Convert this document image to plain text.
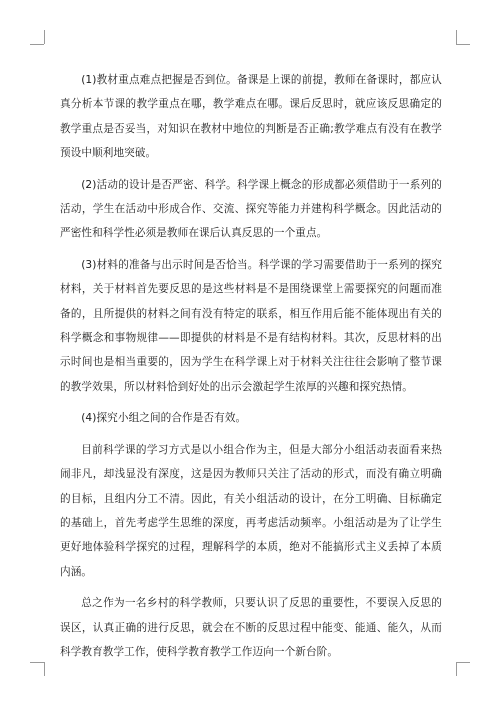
(1)教材重点难点把握是否到位。备课是上课的前提，教师在备课时，都应认真分析本节课的教学重点在哪，教学难点在哪。课后反思时，就应该反思确定的教学重点是否妥当，对知识在教材中地位的判断是否正确;教学难点有没有在教学预设中顺利地突破。

(2)活动的设计是否严密、科学。科学课上概念的形成都必须借助于一系列的活动，学生在活动中形成合作、交流、探究等能力并建构科学概念。因此活动的严密性和科学性必须是教师在课后认真反思的一个重点。

(3)材料的准备与出示时间是否恰当。科学课的学习需要借助于一系列的探究材料，关于材料首先要反思的是这些材料是不是围绕课堂上需要探究的问题而准备的，且所提供的材料之间有没有特定的联系，相互作用后能不能体现出有关的科学概念和事物规律——即提供的材料是不是有结构材料。其次，反思材料的出示时间也是相当重要的，因为学生在科学课上对于材料关注往往会影响了整节课的教学效果，所以材料恰到好处的出示会激起学生浓厚的兴趣和探究热情。

(4)探究小组之间的合作是否有效。

目前科学课的学习方式是以小组合作为主，但是大部分小组活动表面看来热闹非凡，却浅显没有深度，这是因为教师只关注了活动的形式，而没有确立明确的目标，且组内分工不清。因此，有关小组活动的设计，在分工明确、目标确定的基础上，首先考虑学生思维的深度，再考虑活动频率。小组活动是为了让学生更好地体验科学探究的过程，理解科学的本质，绝对不能搞形式主义丢掉了本质内涵。

总之作为一名乡村的科学教师，只要认识了反思的重要性，不要误入反思的误区，认真正确的进行反思，就会在不断的反思过程中能变、能通、能久，从而科学教育教学工作，使科学教育教学工作迈向一个新台阶。
